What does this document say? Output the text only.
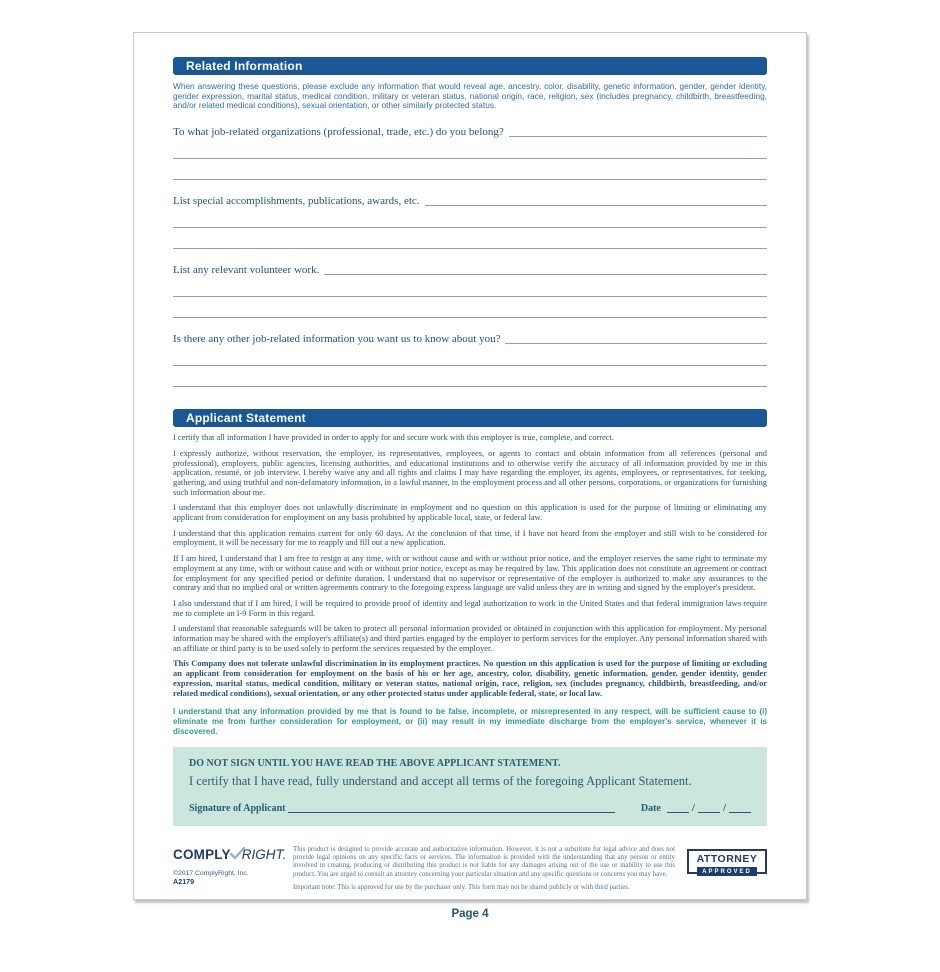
Related Information
When answering these questions, please exclude any information that would reveal age, ancestry, color, disability, genetic information, gender, gender identity, gender expression, marital status, medical condition, military or veteran status, national origin, race, religion, sex (includes pregnancy, childbirth, breastfeeding, and/or related medical conditions), sexual orientation, or other similarly protected status.
To what job-related organizations (professional, trade, etc.) do you belong?
List special accomplishments, publications, awards, etc.
List any relevant volunteer work.
Is there any other job-related information you want us to know about you?
Applicant Statement

I certify that all information I have provided in order to apply for and secure work with this employer is true, complete, and correct.

I expressly authorize, without reservation, the employer, its representatives, employees, or agents to contact and obtain information from all references (personal and professional), employers, public agencies, licensing authorities, and educational institutions and to otherwise verify the accuracy of all information provided by me in this application, resumé, or job interview. I hereby waive any and all rights and claims I may have regarding the employer, its agents, employees, or representatives, for seeking, gathering, and using truthful and non-defamatory information, in a lawful manner, in the employment process and all other persons, corporations, or organizations for furnishing such information about me.

I understand that this employer does not unlawfully discriminate in employment and no question on this application is used for the purpose of limiting or eliminating any applicant from consideration for employment on any basis prohibited by applicable local, state, or federal law.

I understand that this application remains current for only 60 days. At the conclusion of that time, if I have not heard from the employer and still wish to be considered for employment, it will be necessary for me to reapply and fill out a new application.

If I am hired, I understand that I am free to resign at any time, with or without cause and with or without prior notice, and the employer reserves the same right to terminate my employment at any time, with or without cause and with or without prior notice, except as may be required by law. This application does not constitute an agreement or contract for employment for any specified period or definite duration. I understand that no supervisor or representative of the employer is authorized to make any assurances to the contrary and that no implied oral or written agreements contrary to the foregoing express language are valid unless they are in writing and signed by the employer's president.

I also understand that if I am hired, I will be required to provide proof of identity and legal authorization to work in the United States and that federal immigration laws require me to complete an I-9 Form in this regard.

I understand that reasonable safeguards will be taken to protect all personal information provided or obtained in conjunction with this application for employment. My personal information may be shared with the employer's affiliate(s) and third parties engaged by the employer to perform services for the employer. Any personal information shared with an affiliate or third party is to be used solely to perform the services requested by the employer.

This Company does not tolerate unlawful discrimination in its employment practices. No question on this application is used for the purpose of limiting or excluding an applicant from consideration for employment on the basis of his or her age, ancestry, color, disability, genetic information, gender, gender identity, gender expression, marital status, medical condition, military or veteran status, national origin, race, religion, sex (includes pregnancy, childbirth, breastfeeding, and/or related medical conditions), sexual orientation, or any other protected status under applicable federal, state, or local law.

I understand that any information provided by me that is found to be false, incomplete, or misrepresented in any respect, will be sufficient cause to (i) eliminate me from further consideration for employment, or (ii) may result in my immediate discharge from the employer's service, whenever it is discovered.

DO NOT SIGN UNTIL YOU HAVE READ THE ABOVE APPLICANT STATEMENT.
I certify that I have read, fully understand and accept all terms of the foregoing Applicant Statement.
Signature of Applicant	Date	/	/
COMPLY RIGHT.
©2017 ComplyRight, Inc.
A2179
This product is designed to provide accurate and authoritative information. However, it is not a substitute for legal advice and does not provide legal opinions on any specific facts or services. The information is provided with the understanding that any person or entity involved in creating, producing or distributing this product is not liable for any damages arising out of the use or inability to use this product. You are urged to consult an attorney concerning your particular situation and any specific questions or concerns you may have.
Important note: This is approved for use by the purchaser only. This form may not be shared publicly or with third parties.
ATTORNEY
APPROVED
Page 4
